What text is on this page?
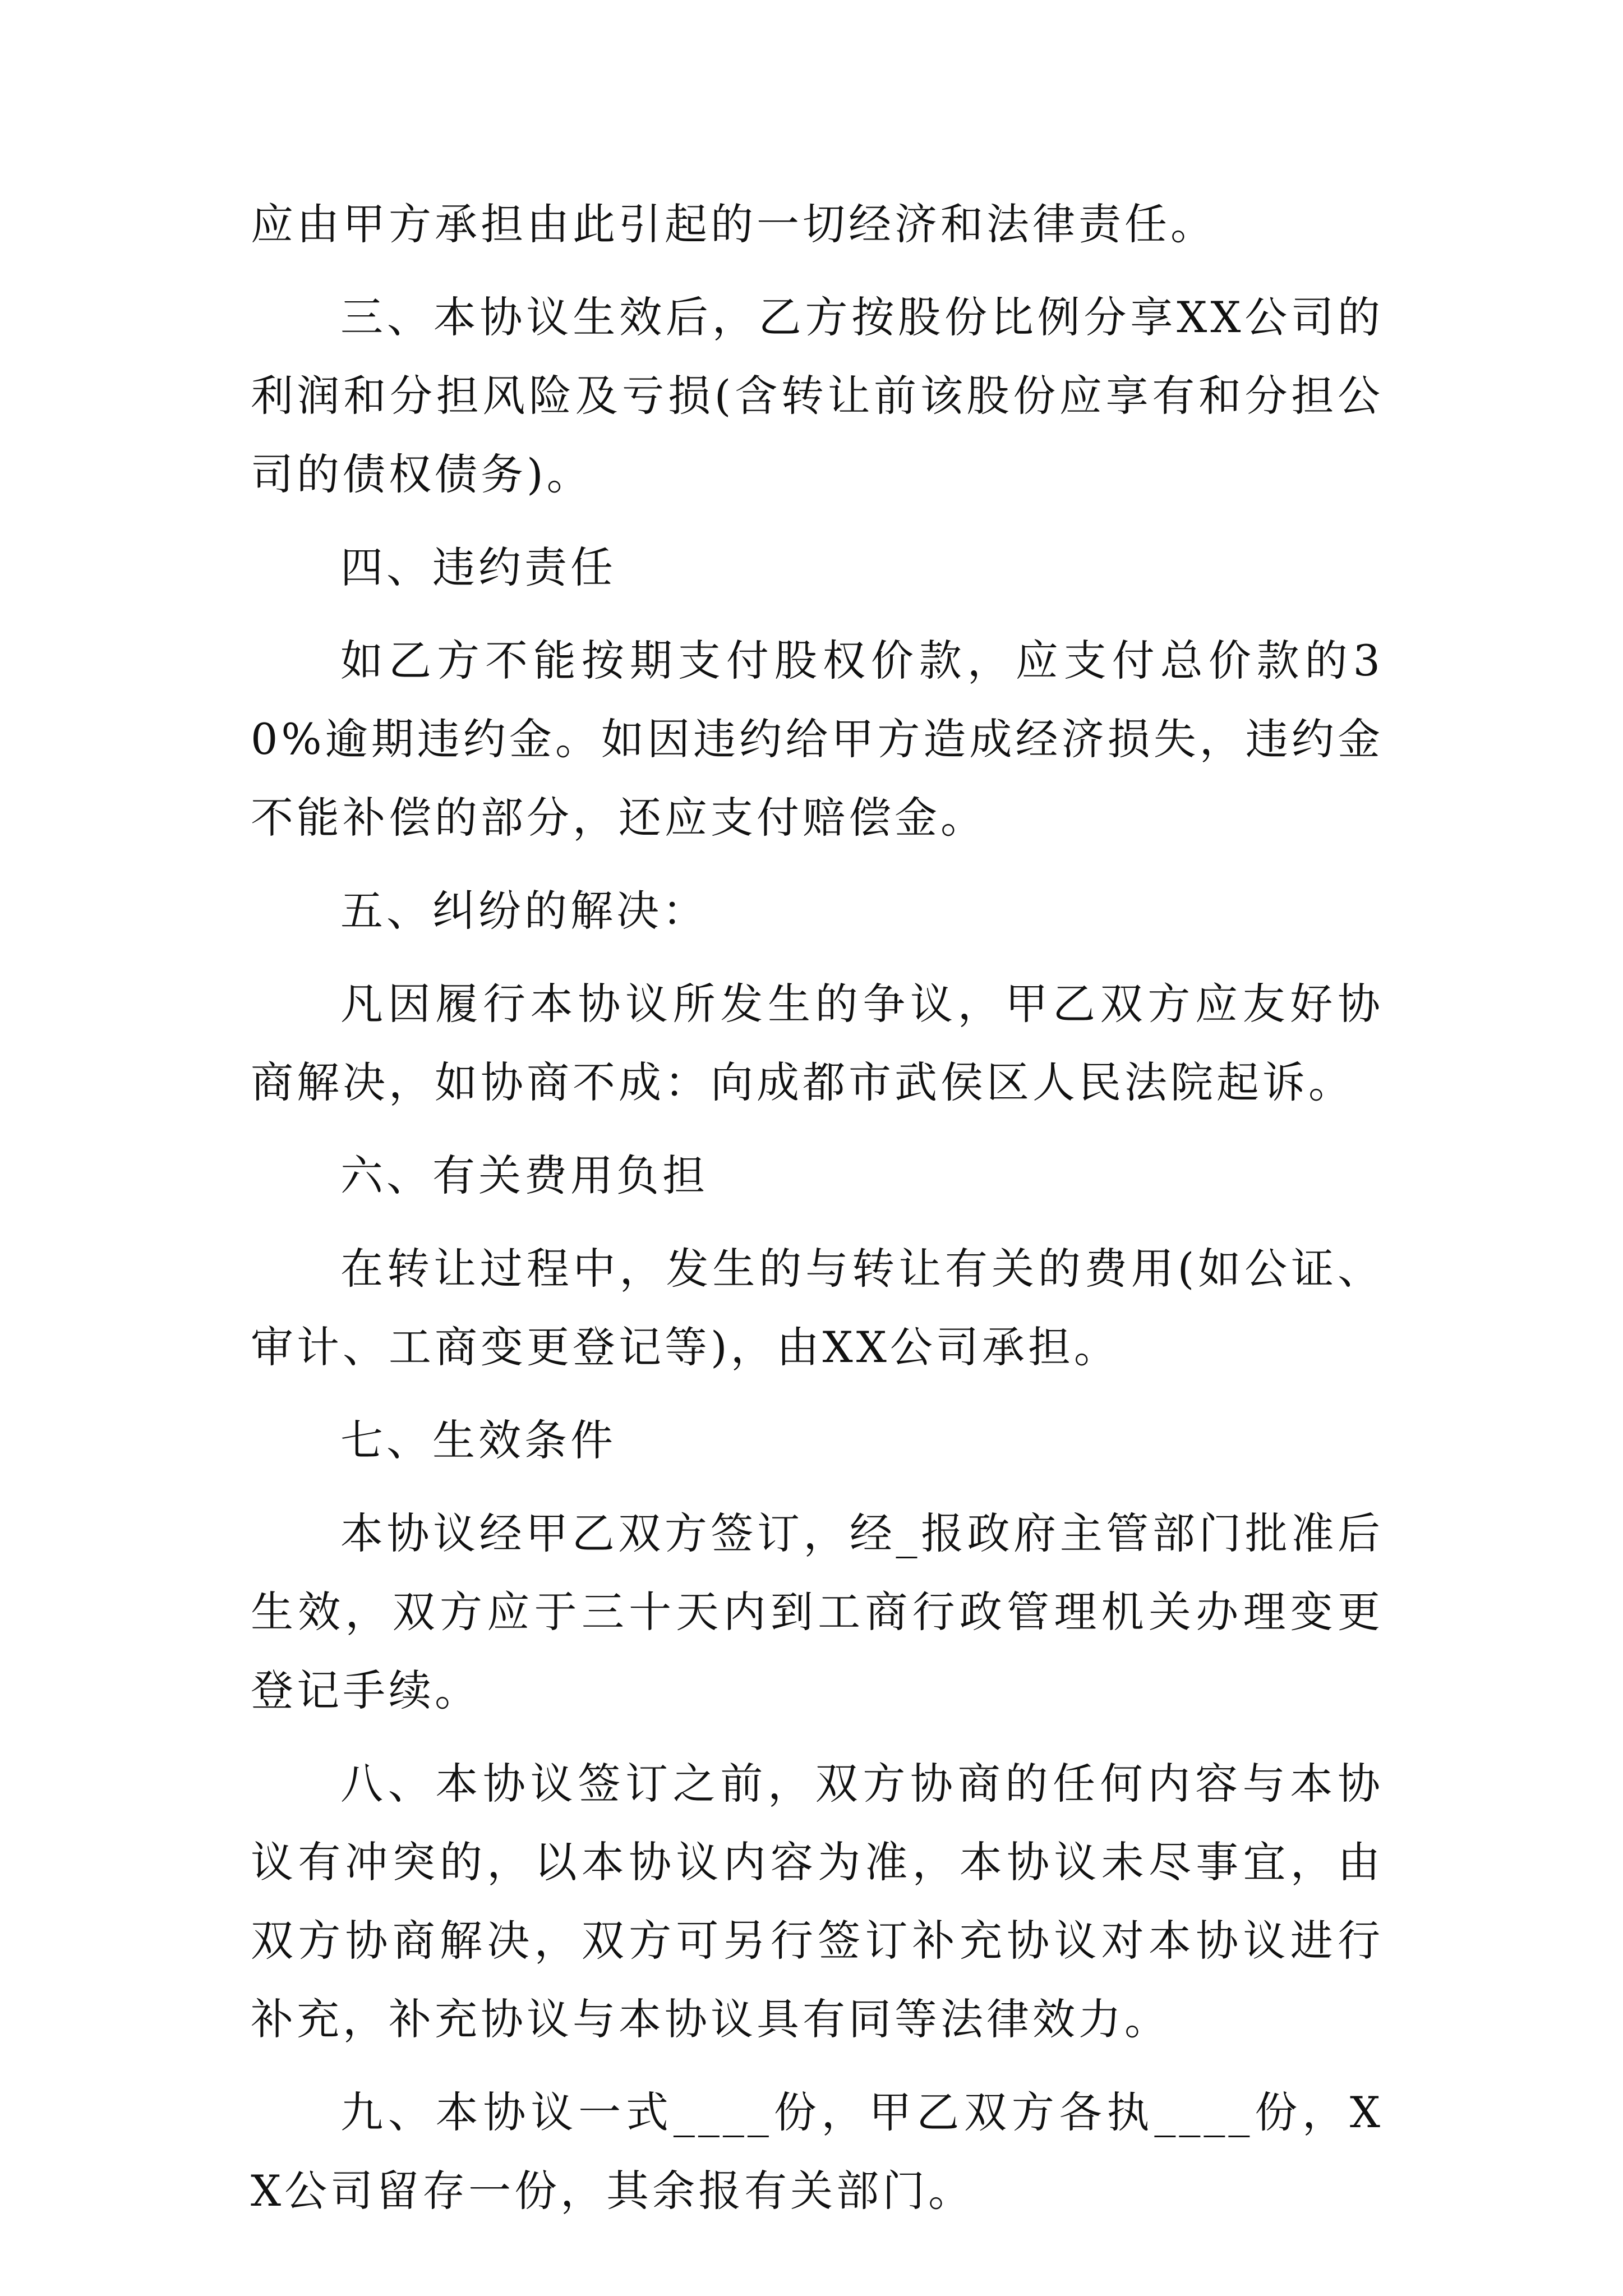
应由甲方承担由此引起的一切经济和法律责任。

三、本协议生效后，乙方按股份比例分享XX公司的利润和分担风险及亏损(含转让前该股份应享有和分担公司的债权债务)。

四、违约责任

如乙方不能按期支付股权价款，应支付总价款的30%逾期违约金。如因违约给甲方造成经济损失，违约金不能补偿的部分，还应支付赔偿金。

五、纠纷的解决：

凡因履行本协议所发生的争议，甲乙双方应友好协商解决，如协商不成：向成都市武侯区人民法院起诉。

六、有关费用负担

在转让过程中，发生的与转让有关的费用(如公证、审计、工商变更登记等)，由XX公司承担。

七、生效条件

本协议经甲乙双方签订，经_报政府主管部门批准后生效，双方应于三十天内到工商行政管理机关办理变更登记手续。

八、本协议签订之前，双方协商的任何内容与本协议有冲突的，以本协议内容为准，本协议未尽事宜，由双方协商解决，双方可另行签订补充协议对本协议进行补充，补充协议与本协议具有同等法律效力。

九、本协议一式____份，甲乙双方各执____份，XX公司留存一份，其余报有关部门。
